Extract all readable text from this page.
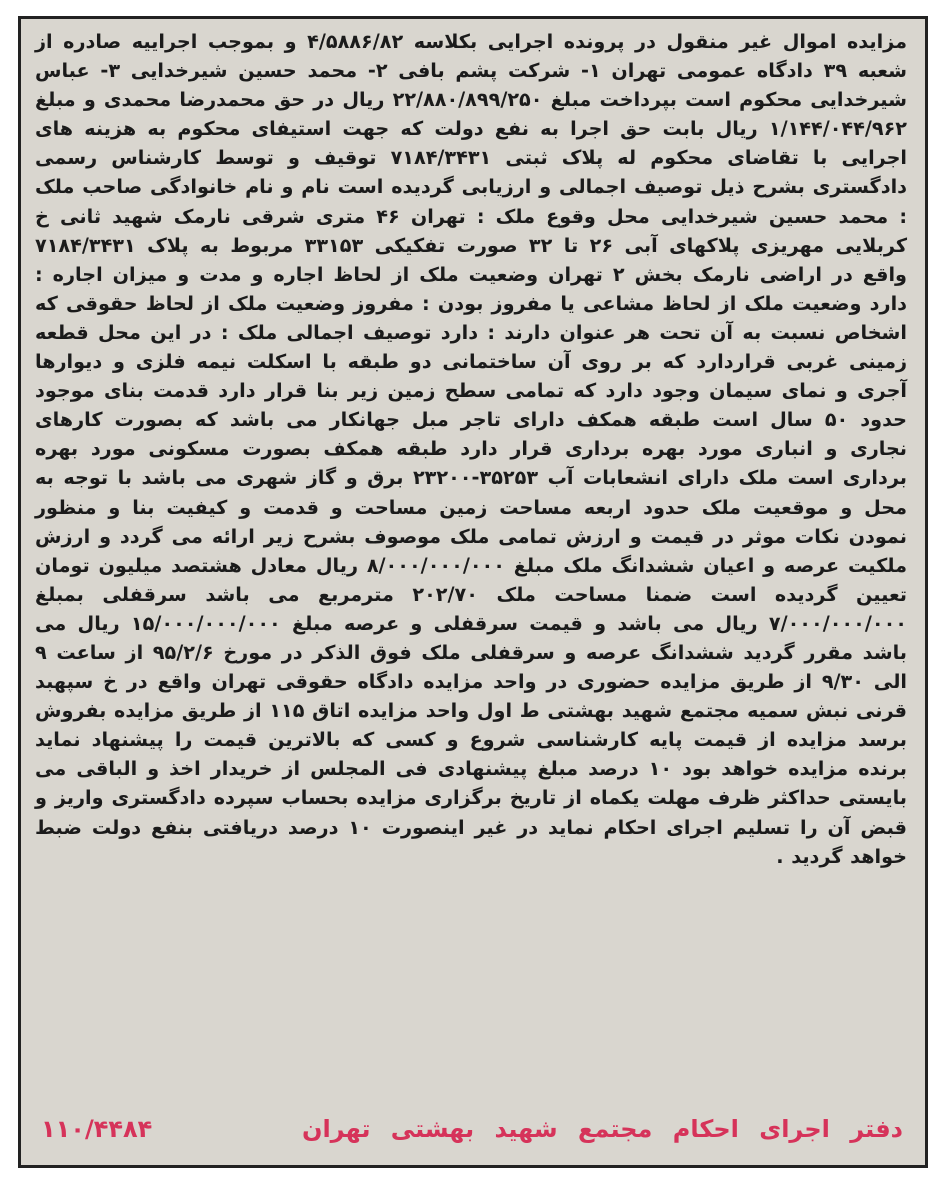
مزایده اموال غیر منقول در پرونده اجرایی بکلاسه ۴/۵۸۸۶/۸۲ و بموجب اجراییه صادره از شعبه ۳۹ دادگاه عمومی تهران ۱- شرکت پشم بافی ۲- محمد حسین شیرخدایی ۳- عباس شیرخدایی محکوم است بپرداخت مبلغ ۲۲/۸۸۰/۸۹۹/۲۵۰ ریال در حق محمدرضا محمدی و مبلغ ۱/۱۴۴/۰۴۴/۹۶۲ ریال بابت حق اجرا به نفع دولت که جهت استیفای محکوم به هزینه های اجرایی با تقاضای محکوم له پلاک ثبتی ۷۱۸۴/۳۴۳۱ توقیف و توسط کارشناس رسمی دادگستری بشرح ذیل توصیف اجمالی و ارزیابی گردیده است نام و نام خانوادگی صاحب ملک : محمد حسین شیرخدایی محل وقوع ملک : تهران ۴۶ متری شرقی نارمک شهید ثانی خ کربلایی مهریزی پلاکهای آبی ۲۶ تا ۳۲ صورت تفکیکی ۳۳۱۵۳ مربوط به پلاک ۷۱۸۴/۳۴۳۱ واقع در اراضی نارمک بخش ۲ تهران وضعیت ملک از لحاظ اجاره و مدت و میزان اجاره : دارد وضعیت ملک از لحاظ مشاعی یا مفروز بودن : مفروز وضعیت ملک از لحاظ حقوقی که اشخاص نسبت به آن تحت هر عنوان دارند : دارد توصیف اجمالی ملک : در این محل قطعه زمینی غربی قراردارد که بر روی آن ساختمانی دو طبقه با اسکلت نیمه فلزی و دیوارها آجری و نمای سیمان وجود دارد که تمامی سطح زمین زیر بنا قرار دارد قدمت بنای موجود حدود ۵۰ سال است طبقه همکف دارای تاجر مبل جهانکار می باشد که بصورت کارهای نجاری و انباری مورد بهره برداری قرار دارد طبقه همکف بصورت مسکونی مورد بهره برداری است ملک دارای انشعابات آب ۳۵۲۵۳-۲۳۲۰۰ برق و گاز شهری می باشد با توجه به محل و موقعیت ملک حدود اربعه مساحت زمین مساحت و قدمت و کیفیت بنا و منظور نمودن نکات موثر در قیمت و ارزش تمامی ملک موصوف بشرح زیر ارائه می گردد و ارزش ملکیت عرصه و اعیان ششدانگ ملک مبلغ ۸/۰۰۰/۰۰۰/۰۰۰ ریال معادل هشتصد میلیون تومان تعیین گردیده است ضمنا مساحت ملک ۲۰۲/۷۰ مترمربع می باشد سرقفلی بمبلغ ۷/۰۰۰/۰۰۰/۰۰۰ ریال می باشد و قیمت سرقفلی و عرصه مبلغ ۱۵/۰۰۰/۰۰۰/۰۰۰ ریال می باشد مقرر گردید ششدانگ عرصه و سرقفلی ملک فوق الذکر در مورخ ۹۵/۲/۶ از ساعت ۹ الی ۹/۳۰ از طریق مزایده حضوری در واحد مزایده دادگاه حقوقی تهران واقع در خ سپهبد قرنی نبش سمیه مجتمع شهید بهشتی ط اول واحد مزایده اتاق ۱۱۵ از طریق مزایده بفروش برسد مزایده از قیمت پایه کارشناسی شروع و کسی که بالاترین قیمت را پیشنهاد نماید برنده مزایده خواهد بود ۱۰ درصد مبلغ پیشنهادی فی المجلس از خریدار اخذ و الباقی می بایستی حداکثر ظرف مهلت یکماه از تاریخ برگزاری مزایده بحساب سپرده دادگستری واریز و قبض آن را تسلیم اجرای احکام نماید در غیر اینصورت ۱۰ درصد دریافتی بنفع دولت ضبط خواهد گردید .

دفتر اجرای احکام مجتمع شهید بهشتی تهران
۱۱۰/۴۴۸۴
